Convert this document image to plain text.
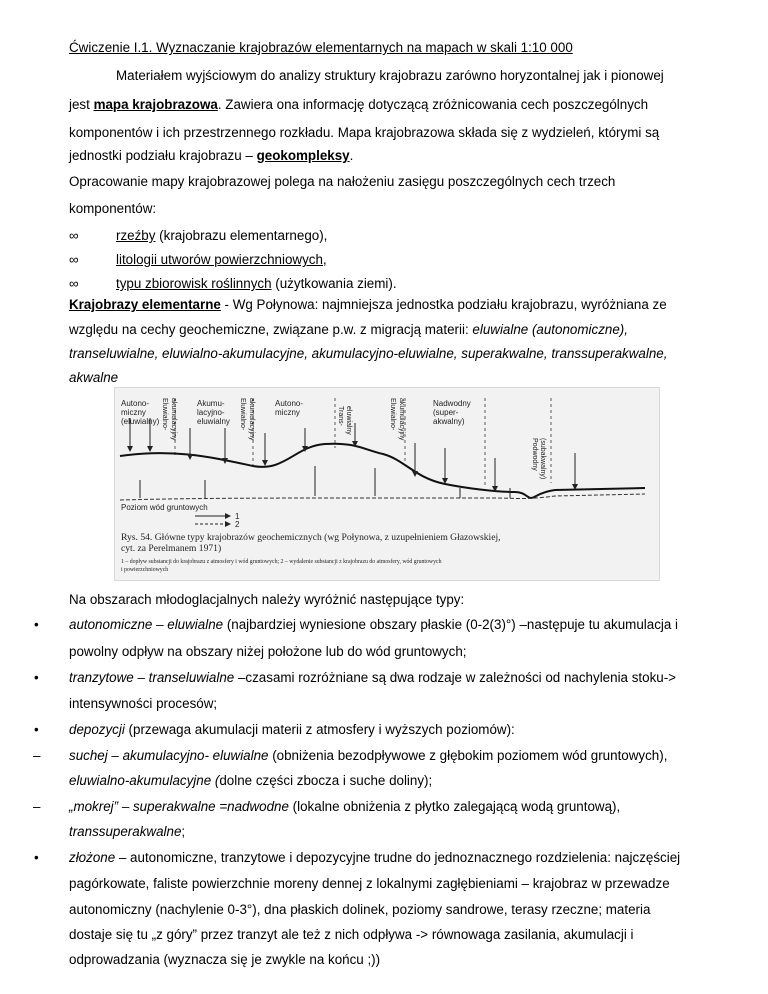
Ćwiczenie I.1. Wyznaczanie krajobrazów elementarnych na mapach w skali 1:10 000
Materiałem wyjściowym do analizy struktury krajobrazu zarówno horyzontalnej jak i pionowej
jest mapa krajobrazowa. Zawiera ona informację dotyczącą zróżnicowania cech poszczególnych
komponentów i ich przestrzennego rozkładu. Mapa krajobrazowa składa się z wydzieleń, którymi są
jednostki podziału krajobrazu – geokompleksy.
Opracowanie mapy krajobrazowej polega na nałożeniu zasięgu poszczególnych cech trzech
komponentów:
∞	rzeźby (krajobrazu elementarnego),
∞	litologii utworów powierzchniowych,
∞	typu zbiorowisk roślinnych (użytkowania ziemi).
Krajobrazy elementarne - Wg Połynowa: najmniejsza jednostka podziału krajobrazu, wyróżniana ze
względu na cechy geochemiczne, związane p.w. z migracją materii: eluwialne (autonomiczne),
transeluwialne, eluwialno-akumulacyjne, akumulacyjno-eluwialne, superakwalne, transsuperakwalne,
akwalne
Autono-
miczny
(eluwialny)
Akumu-
lacyjno-
eluwialny
Autono-
miczny
Nadwodny
(super-
akwalny)
Eluwialno- akumulacyjny	Eluwialno- akumulacyjny	Trans- eluwialny	Eluwialno- akumulacyjny
Podwodny (subakwalny)
Poziom wód gruntowych
1
2
Rys. 54. Główne typy krajobrazów geochemicznych (wg Połynowa, z uzupełnieniem Głazowskiej,
cyt. za Perelmanem 1971)
1 – dopływ substancji do krajobrazu z atmosfery i wód gruntowych; 2 – wydalenie substancji z krajobrazu do atmosfery, wód gruntowych
i powierzchniowych
Na obszarach młodoglacjalnych należy wyróżnić następujące typy:
• autonomiczne – eluwialne (najbardziej wyniesione obszary płaskie (0-2(3)°) –następuje tu akumulacja i
powolny odpływ na obszary niżej położone lub do wód gruntowych;
• tranzytowe – transeluwialne –czasami rozróżniane są dwa rodzaje w zależności od nachylenia stoku->
intensywności procesów;
• depozycji (przewaga akumulacji materii z atmosfery i wyższych poziomów):
– suchej – akumulacyjno- eluwialne (obniżenia bezodpływowe z głębokim poziomem wód gruntowych),
eluwialno-akumulacyjne (dolne części zbocza i suche doliny);
– „mokrej” – superakwalne =nadwodne (lokalne obniżenia z płytko zalegającą wodą gruntową),
transsuperakwalne;
• złożone – autonomiczne, tranzytowe i depozycyjne trudne do jednoznacznego rozdzielenia: najczęściej
pagórkowate, faliste powierzchnie moreny dennej z lokalnymi zagłębieniami – krajobraz w przewadze
autonomiczny (nachylenie 0-3°), dna płaskich dolinek, poziomy sandrowe, terasy rzeczne; materia
dostaje się tu „z góry” przez tranzyt ale też z nich odpływa -> równowaga zasilania, akumulacji i
odprowadzania (wyznacza się je zwykle na końcu ;))
